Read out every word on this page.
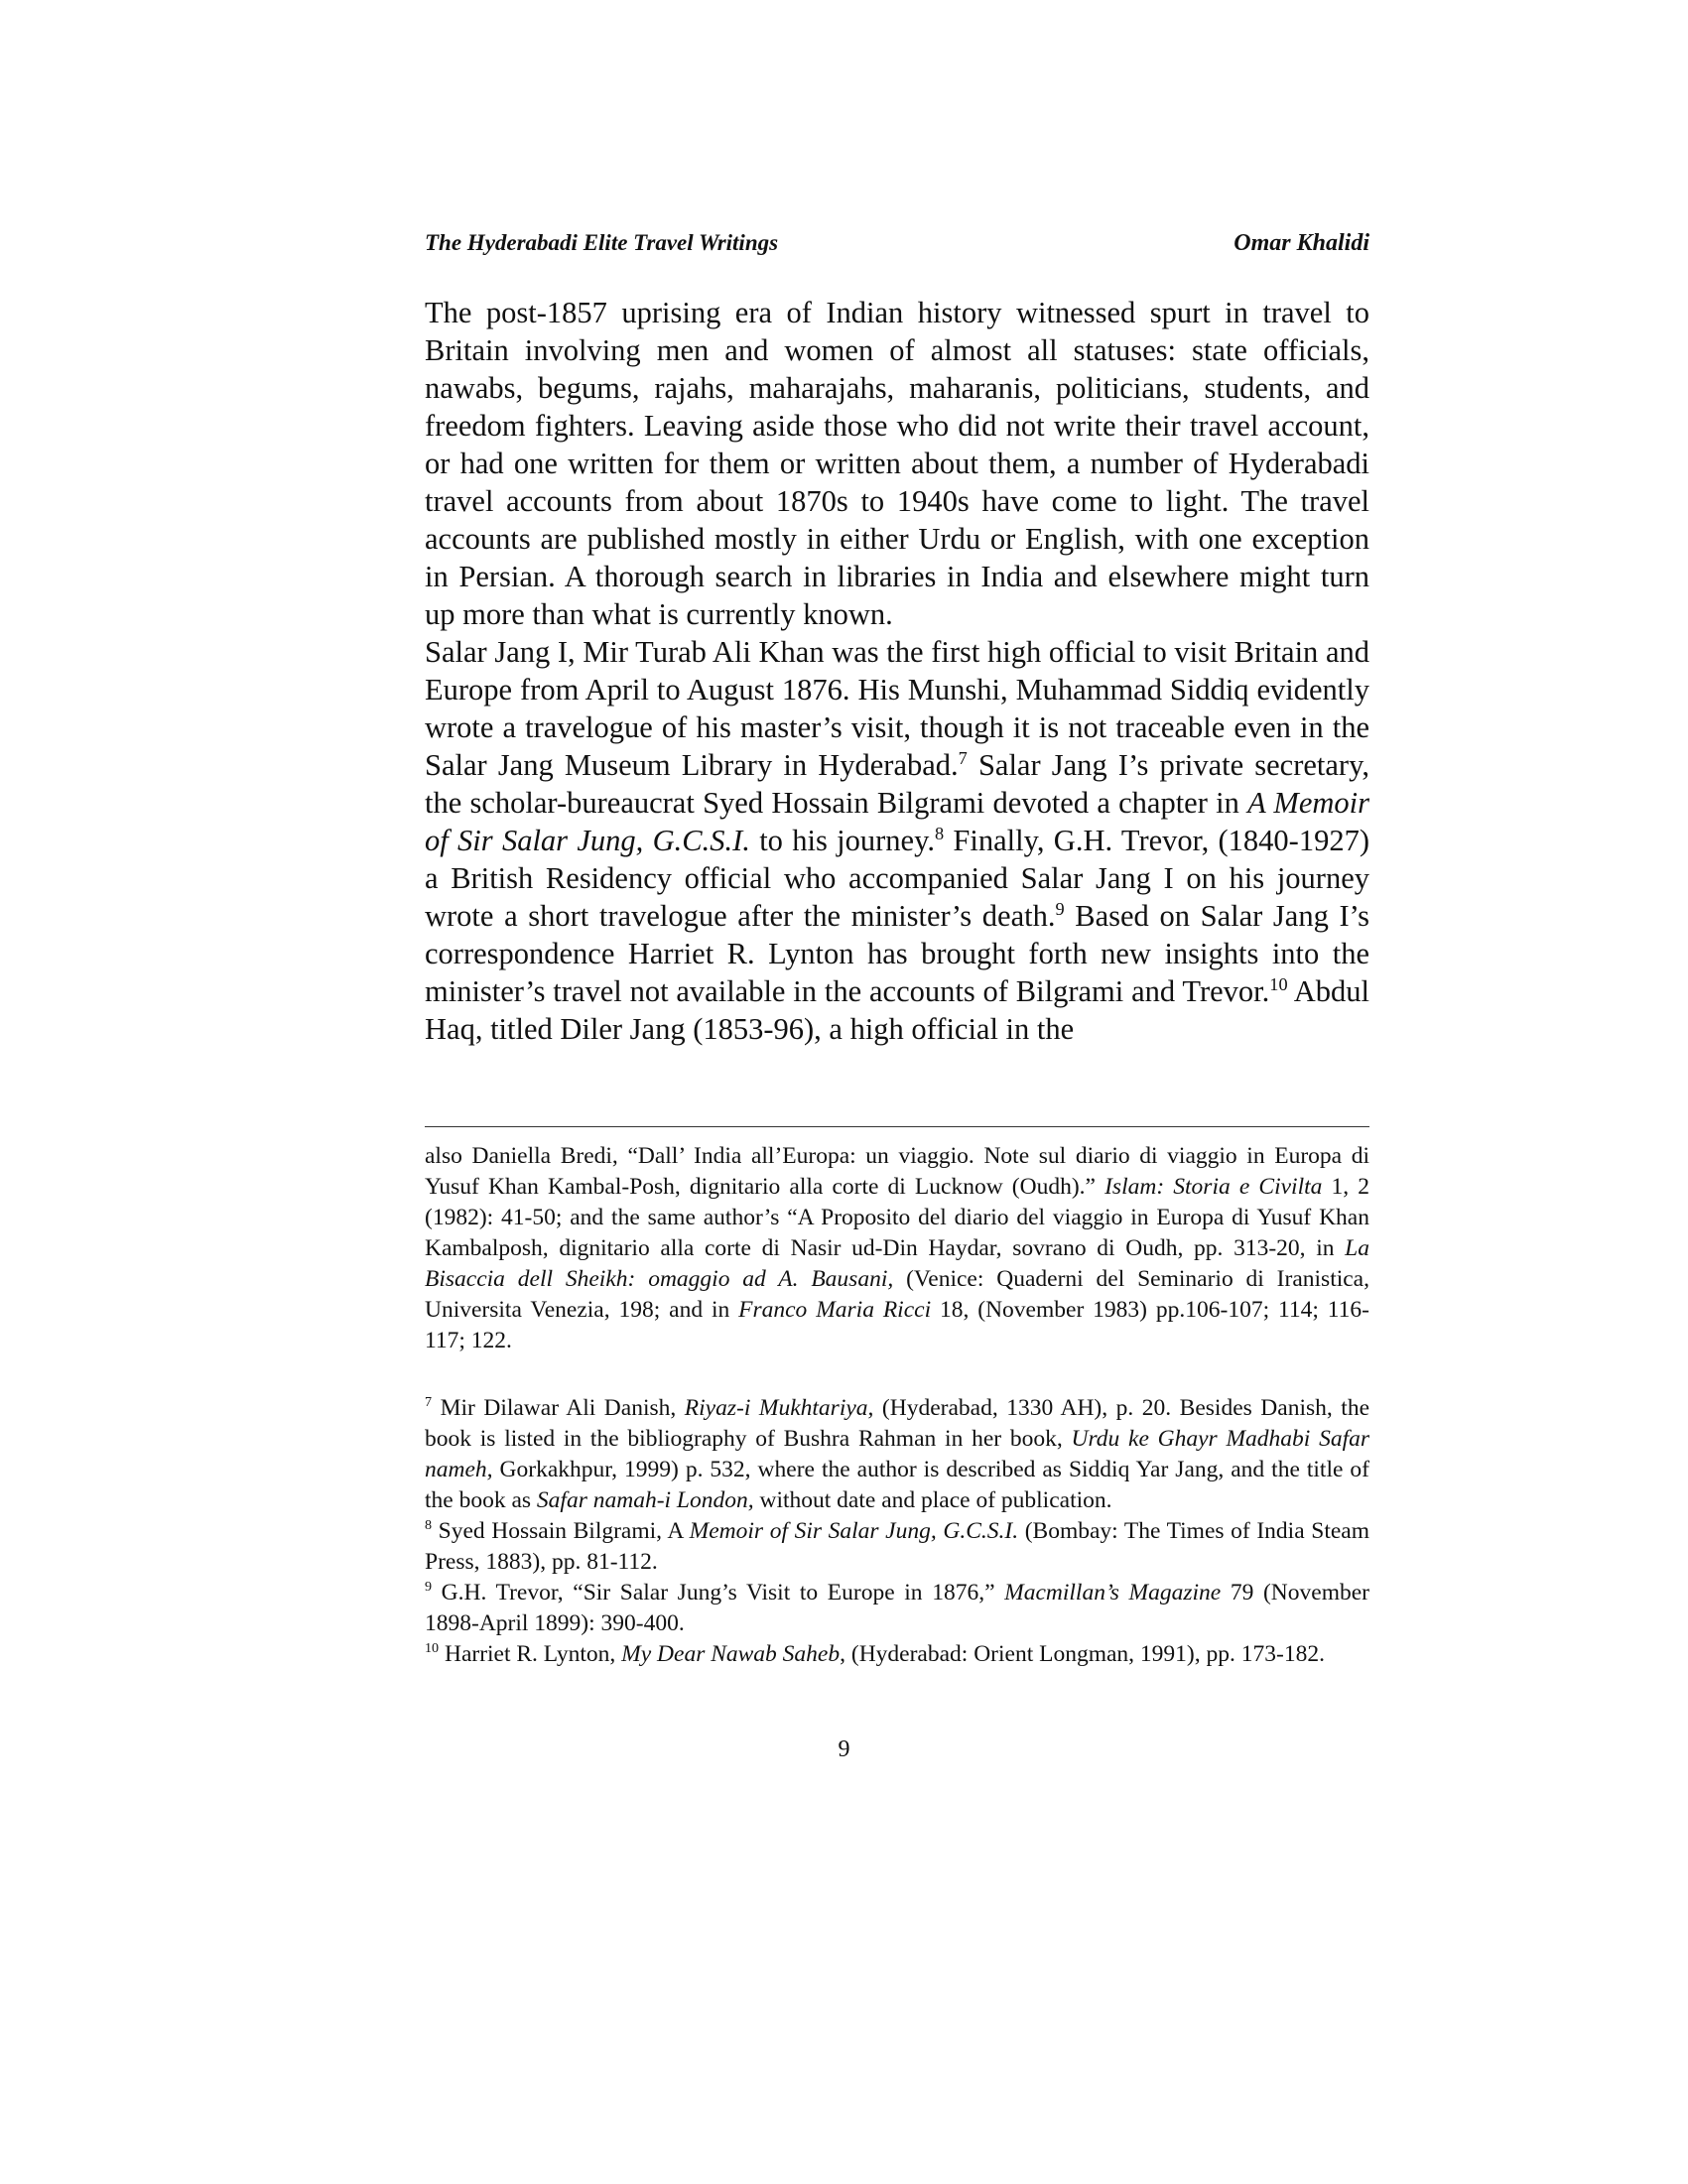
The Hyderabadi Elite Travel Writings	Omar Khalidi

The post-1857 uprising era of Indian history witnessed spurt in travel to Britain involving men and women of almost all statuses: state officials, nawabs, begums, rajahs, maharajahs, maharanis, politicians, students, and freedom fighters. Leaving aside those who did not write their travel account, or had one written for them or written about them, a number of Hyderabadi travel accounts from about 1870s to 1940s have come to light. The travel accounts are published mostly in either Urdu or English, with one exception in Persian. A thorough search in libraries in India and elsewhere might turn up more than what is currently known.

Salar Jang I, Mir Turab Ali Khan was the first high official to visit Britain and Europe from April to August 1876. His Munshi, Muhammad Siddiq evidently wrote a travelogue of his master’s visit, though it is not traceable even in the Salar Jang Museum Library in Hyderabad.$^7$ Salar Jang I’s private secretary, the scholar-bureaucrat Syed Hossain Bilgrami devoted a chapter in A Memoir of Sir Salar Jung, G.C.S.I. to his journey.$^8$ Finally, G.H. Trevor, (1840-1927) a British Residency official who accompanied Salar Jang I on his journey wrote a short travelogue after the minister’s death.$^9$ Based on Salar Jang I’s correspondence Harriet R. Lynton has brought forth new insights into the minister’s travel not available in the accounts of Bilgrami and Trevor.$^{10}$ Abdul Haq, titled Diler Jang (1853-96), a high official in the

also Daniella Bredi, “Dall’ India all’Europa: un viaggio. Note sul diario di viaggio in Europa di Yusuf Khan Kambal-Posh, dignitario alla corte di Lucknow (Oudh).” Islam: Storia e Civilta 1, 2 (1982): 41-50; and the same author’s “A Proposito del diario del viaggio in Europa di Yusuf Khan Kambalposh, dignitario alla corte di Nasir ud-Din Haydar, sovrano di Oudh, pp. 313-20, in La Bisaccia dell Sheikh: omaggio ad A. Bausani, (Venice: Quaderni del Seminario di Iranistica, Universita Venezia, 198; and in Franco Maria Ricci 18, (November 1983) pp.106-107; 114; 116-117; 122.

$^7$ Mir Dilawar Ali Danish, Riyaz-i Mukhtariya, (Hyderabad, 1330 AH), p. 20. Besides Danish, the book is listed in the bibliography of Bushra Rahman in her book, Urdu ke Ghayr Madhabi Safar nameh, Gorkakhpur, 1999) p. 532, where the author is described as Siddiq Yar Jang, and the title of the book as Safar namah-i London, without date and place of publication.

$^8$ Syed Hossain Bilgrami, A Memoir of Sir Salar Jung, G.C.S.I. (Bombay: The Times of India Steam Press, 1883), pp. 81-112.

$^9$ G.H. Trevor, “Sir Salar Jung’s Visit to Europe in 1876,” Macmillan’s Magazine 79 (November 1898-April 1899): 390-400.

$^{10}$ Harriet R. Lynton, My Dear Nawab Saheb, (Hyderabad: Orient Longman, 1991), pp. 173-182.

9
